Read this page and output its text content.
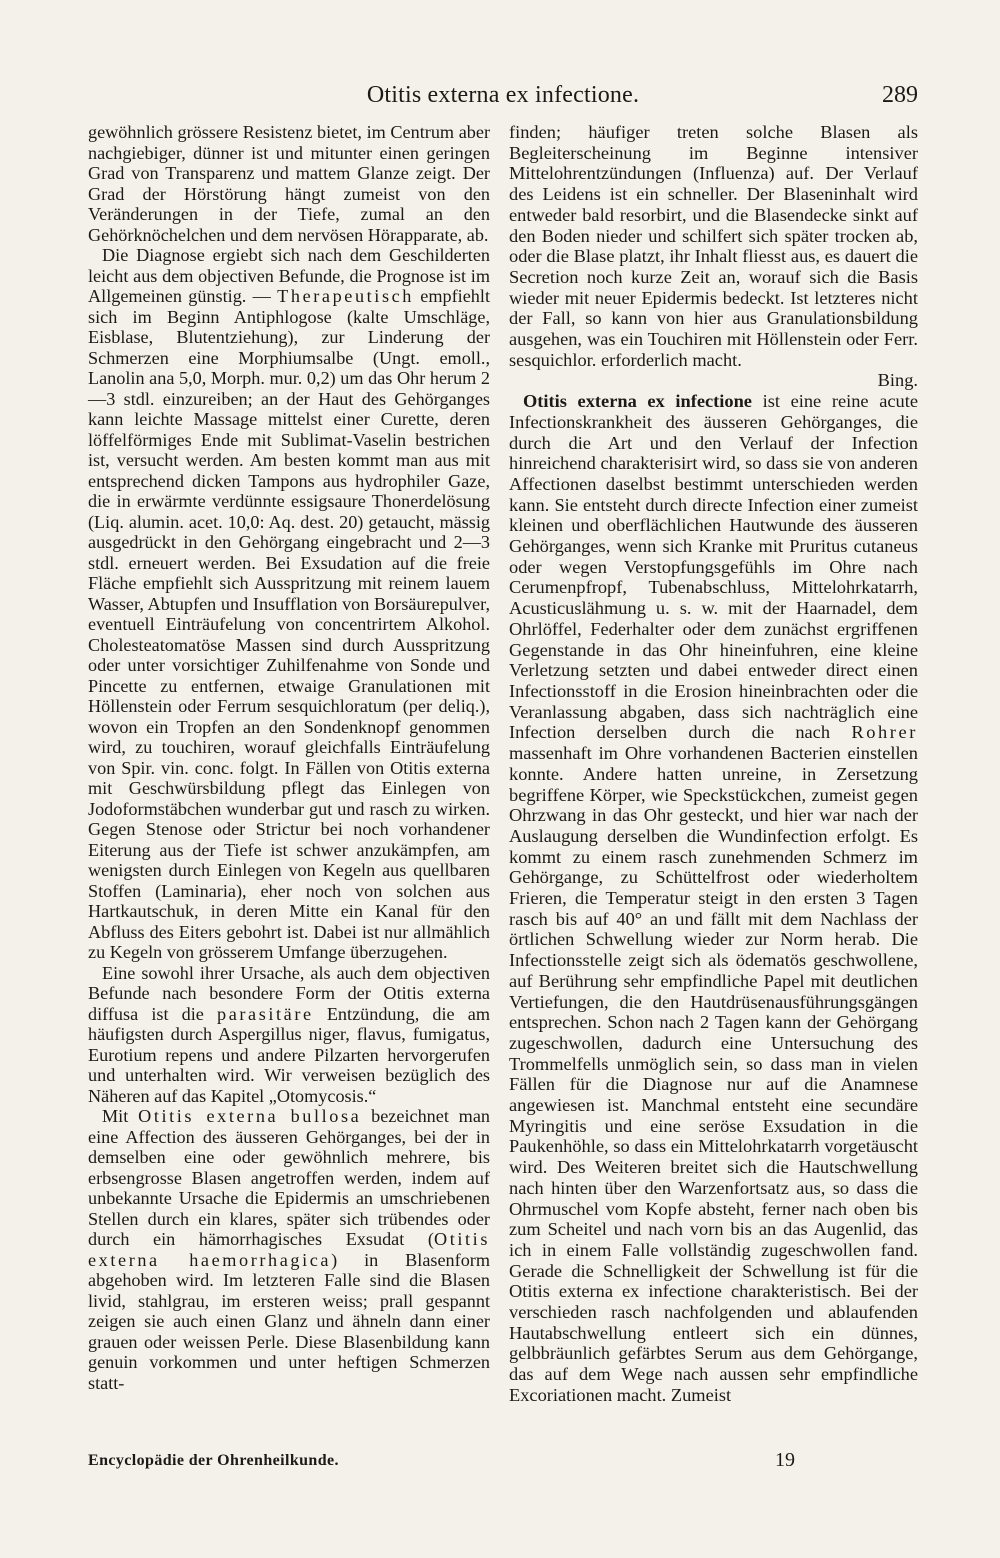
Otitis externa ex infectione.	289

gewöhnlich grössere Resistenz bietet, im Centrum aber nachgiebiger, dünner ist und mitunter einen geringen Grad von Transparenz und mattem Glanze zeigt. Der Grad der Hörstörung hängt zumeist von den Veränderungen in der Tiefe, zumal an den Gehörknöchelchen und dem nervösen Hörapparate, ab.

Die Diagnose ergiebt sich nach dem Geschilderten leicht aus dem objectiven Befunde, die Prognose ist im Allgemeinen günstig. — Therapeutisch empfiehlt sich im Beginn Antiphlogose (kalte Umschläge, Eisblase, Blutentziehung), zur Linderung der Schmerzen eine Morphiumsalbe (Ungt. emoll., Lanolin ana 5,0, Morph. mur. 0,2) um das Ohr herum 2—3 stdl. einzureiben; an der Haut des Gehörganges kann leichte Massage mittelst einer Curette, deren löffelförmiges Ende mit Sublimat-Vaselin bestrichen ist, versucht werden. Am besten kommt man aus mit entsprechend dicken Tampons aus hydrophiler Gaze, die in erwärmte verdünnte essigsaure Thonerdelösung (Liq. alumin. acet. 10,0: Aq. dest. 20) getaucht, mässig ausgedrückt in den Gehörgang eingebracht und 2—3 stdl. erneuert werden. Bei Exsudation auf die freie Fläche empfiehlt sich Ausspritzung mit reinem lauem Wasser, Abtupfen und Insufflation von Borsäurepulver, eventuell Einträufelung von concentrirtem Alkohol. Cholesteatomatöse Massen sind durch Ausspritzung oder unter vorsichtiger Zuhilfenahme von Sonde und Pincette zu entfernen, etwaige Granulationen mit Höllenstein oder Ferrum sesquichloratum (per deliq.), wovon ein Tropfen an den Sondenknopf genommen wird, zu touchiren, worauf gleichfalls Einträufelung von Spir. vin. conc. folgt. In Fällen von Otitis externa mit Geschwürsbildung pflegt das Einlegen von Jodoformstäbchen wunderbar gut und rasch zu wirken. Gegen Stenose oder Strictur bei noch vorhandener Eiterung aus der Tiefe ist schwer anzukämpfen, am wenigsten durch Einlegen von Kegeln aus quellbaren Stoffen (Laminaria), eher noch von solchen aus Hartkautschuk, in deren Mitte ein Kanal für den Abfluss des Eiters gebohrt ist. Dabei ist nur allmählich zu Kegeln von grösserem Umfange überzugehen.

Eine sowohl ihrer Ursache, als auch dem objectiven Befunde nach besondere Form der Otitis externa diffusa ist die parasitäre Entzündung, die am häufigsten durch Aspergillus niger, flavus, fumigatus, Eurotium repens und andere Pilzarten hervorgerufen und unterhalten wird. Wir verweisen bezüglich des Näheren auf das Kapitel „Otomycosis.“

Mit Otitis externa bullosa bezeichnet man eine Affection des äusseren Gehörganges, bei der in demselben eine oder gewöhnlich mehrere, bis erbsengrosse Blasen angetroffen werden, indem auf unbekannte Ursache die Epidermis an umschriebenen Stellen durch ein klares, später sich trübendes oder durch ein hämorrhagisches Exsudat (Otitis externa haemorrhagica) in Blasenform abgehoben wird. Im letzteren Falle sind die Blasen livid, stahlgrau, im ersteren weiss; prall gespannt zeigen sie auch einen Glanz und ähneln dann einer grauen oder weissen Perle. Diese Blasenbildung kann genuin vorkommen und unter heftigen Schmerzen statt-

finden; häufiger treten solche Blasen als Begleiterscheinung im Beginne intensiver Mittelohrentzündungen (Influenza) auf. Der Verlauf des Leidens ist ein schneller. Der Blaseninhalt wird entweder bald resorbirt, und die Blasendecke sinkt auf den Boden nieder und schilfert sich später trocken ab, oder die Blase platzt, ihr Inhalt fliesst aus, es dauert die Secretion noch kurze Zeit an, worauf sich die Basis wieder mit neuer Epidermis bedeckt. Ist letzteres nicht der Fall, so kann von hier aus Granulationsbildung ausgehen, was ein Touchiren mit Höllenstein oder Ferr. sesquichlor. erforderlich macht.

Bing.

Otitis externa ex infectione ist eine reine acute Infectionskrankheit des äusseren Gehörganges, die durch die Art und den Verlauf der Infection hinreichend charakterisirt wird, so dass sie von anderen Affectionen daselbst bestimmt unterschieden werden kann. Sie entsteht durch directe Infection einer zumeist kleinen und oberflächlichen Hautwunde des äusseren Gehörganges, wenn sich Kranke mit Pruritus cutaneus oder wegen Verstopfungsgefühls im Ohre nach Cerumenpfropf, Tubenabschluss, Mittelohrkatarrh, Acusticuslähmung u. s. w. mit der Haarnadel, dem Ohrlöffel, Federhalter oder dem zunächst ergriffenen Gegenstande in das Ohr hineinfuhren, eine kleine Verletzung setzten und dabei entweder direct einen Infectionsstoff in die Erosion hineinbrachten oder die Veranlassung abgaben, dass sich nachträglich eine Infection derselben durch die nach Rohrer massenhaft im Ohre vorhandenen Bacterien einstellen konnte. Andere hatten unreine, in Zersetzung begriffene Körper, wie Speckstückchen, zumeist gegen Ohrzwang in das Ohr gesteckt, und hier war nach der Auslaugung derselben die Wundinfection erfolgt. Es kommt zu einem rasch zunehmenden Schmerz im Gehörgange, zu Schüttelfrost oder wiederholtem Frieren, die Temperatur steigt in den ersten 3 Tagen rasch bis auf 40° an und fällt mit dem Nachlass der örtlichen Schwellung wieder zur Norm herab. Die Infectionsstelle zeigt sich als ödematös geschwollene, auf Berührung sehr empfindliche Papel mit deutlichen Vertiefungen, die den Hautdrüsenausführungsgängen entsprechen. Schon nach 2 Tagen kann der Gehörgang zugeschwollen, dadurch eine Untersuchung des Trommelfells unmöglich sein, so dass man in vielen Fällen für die Diagnose nur auf die Anamnese angewiesen ist. Manchmal entsteht eine secundäre Myringitis und eine seröse Exsudation in die Paukenhöhle, so dass ein Mittelohrkatarrh vorgetäuscht wird. Des Weiteren breitet sich die Hautschwellung nach hinten über den Warzenfortsatz aus, so dass die Ohrmuschel vom Kopfe absteht, ferner nach oben bis zum Scheitel und nach vorn bis an das Augenlid, das ich in einem Falle vollständig zugeschwollen fand. Gerade die Schnelligkeit der Schwellung ist für die Otitis externa ex infectione charakteristisch. Bei der verschieden rasch nachfolgenden und ablaufenden Hautabschwellung entleert sich ein dünnes, gelbbräunlich gefärbtes Serum aus dem Gehörgange, das auf dem Wege nach aussen sehr empfindliche Excoriationen macht. Zumeist

Encyclopädie der Ohrenheilkunde.	19
